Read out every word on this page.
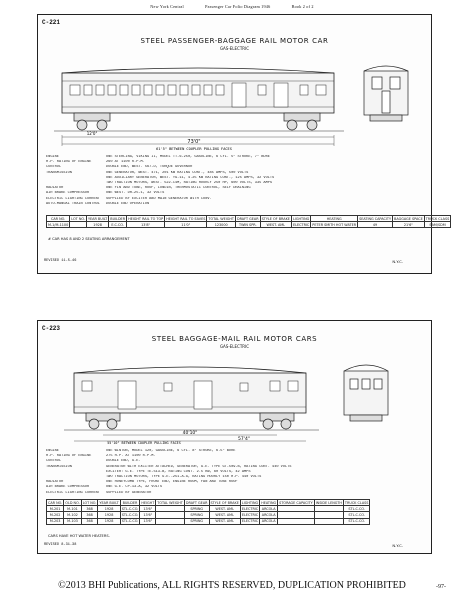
New York Central	Passenger Car Folio Diagram 1946	Book 2 of 2
C-221
STEEL PASSENGER-BAGGAGE RAIL MOTOR CAR
GAS-ELECTRIC
73'0"
12'0"
61'5" BETWEEN COUPLER PULLING FACES
ENGINE	ONE STERLING, VIKING II, MODEL TT-6-250, GASOLINE, 6 CYL. 5" STROKE, 7" BORE
H.P. RATING OF ENGINE	260 AT 1100 R.P.M.
CONTROL	DOUBLE END, WEST. 567-D, TORQUE GOVERNOR
TRANSMISSION	ONE GENERATOR, WEST. 471, 201 KW RATING CONT., 485 AMPS, 500 VOLTS
ONE AUXILIARY GENERATOR, WEST. YG-11, 4.25 KW RATING CONT., 125 AMPS, 32 VOLTS
TWO TRACTION MOTORS, WEST. 522-C4M, RATING HOURLY 250 HP, 600 VOLTS, 335 AMPS
RADIATOR	ONE FIN AND TUBE, ROOF, LUNDIN, THERMOSTATIC CONTROL, SELF DRAINING
AIR BRAKE COMPRESSOR	ONE WEST. DH-25-1, 32 VOLTS
ELECTRIC LIGHTING CURRENT SUPPLIED BY EXCITER AND MAIN GENERATOR WITH CONV.
AUTO-MANUAL TRAIN CONTROL DOUBLE END OPERATION
CAR NO.	LOT NO.	YEAR BUILT	BUILDER	HEIGHT RAIL TO TOP	HEIGHT RAIL TO EAVES	TOTAL WEIGHT	DRAFT GEAR	STYLE OF BRAKE	LIGHTING	HEATING	SEATING CAPACITY	BAGGAGE SPACE	TRUCK CLASS
M-1/M-1100		1928	E.C.CO.	13'8"	11'0"	123000	TWIN SPR.	WEST. AML	ELECTRIC	PETER SMITH HOT WATER	49	21'6"	SAM/SDM
# CAR HAS 8 AND 2 SEATING ARRANGEMENT
REVISED 11-5-46	N.Y.C.
C-223
STEEL BAGGAGE-MAIL RAIL MOTOR CARS
GAS-ELECTRIC
40'10"
57'4"
55'10" BETWEEN COUPLER PULLING FACES
ENGINE	ONE WINTON, MODEL 120, GASOLINE, 6 CYL. 8" STROKE, 6.5" BORE
H.P. RATING OF ENGINE	275 H.P. AT 1100 R.P.M.
CONTROL	DOUBLE END, G.E.
TRANSMISSION	GENERATOR WITH EXCITER ATTACHED, GENERATOR, G.E. TYPE GT-509-B, RATING CONT. 440 VOLTS
EXCITER: G.E. TYPE TE-513-B, RATING CONT. 2.5 KW, 60 VOLTS, 42 AMPS
TWO TRACTION MOTORS, TYPE G.E.-251-A-G, RATING HOURLY 150 H.P. 440 VOLTS
RADIATOR	ONE HONEYCOMB TYPE, FRONT END, ENGINE ROOM, FAN AND TUBE ROOF
AIR BRAKE COMPRESSOR	ONE G.E. CP-13-A, 32 VOLTS
ELECTRIC LIGHTING CURRENT SUPPLIED BY GENERATOR
CAR NO.	OLD NO.	LOT NO.	YEAR BUILT	BUILDER	HEIGHT	TOTAL WEIGHT	DRAFT GEAR	STYLE OF BRAKE	LIGHTING	HEATING	STORAGE CAPACITY	INSIDE LENGTH	TRUCK CLASS
M-201	M-101	368	1928	STL.C.CO.	13'6"		SPRING	WEST. AML	ELECTRIC	ARCOLA			STL.C.CO.
M-202	M-102	368	1928	STL.C.CO.	13'6"		SPRING	WEST. AML	ELECTRIC	ARCOLA			STL.C.CO.
M-203	M-103	368	1928	STL.C.CO.	13'6"		SPRING	WEST. AML	ELECTRIC	ARCOLA			STL.C.CO.
CARS HAVE HOT WATER HEATERS.
REVISED 8-31-38	N.Y.C.
©2013 BHI Publications, ALL RIGHTS RESERVED, DUPLICATION PROHIBITED	-97-
